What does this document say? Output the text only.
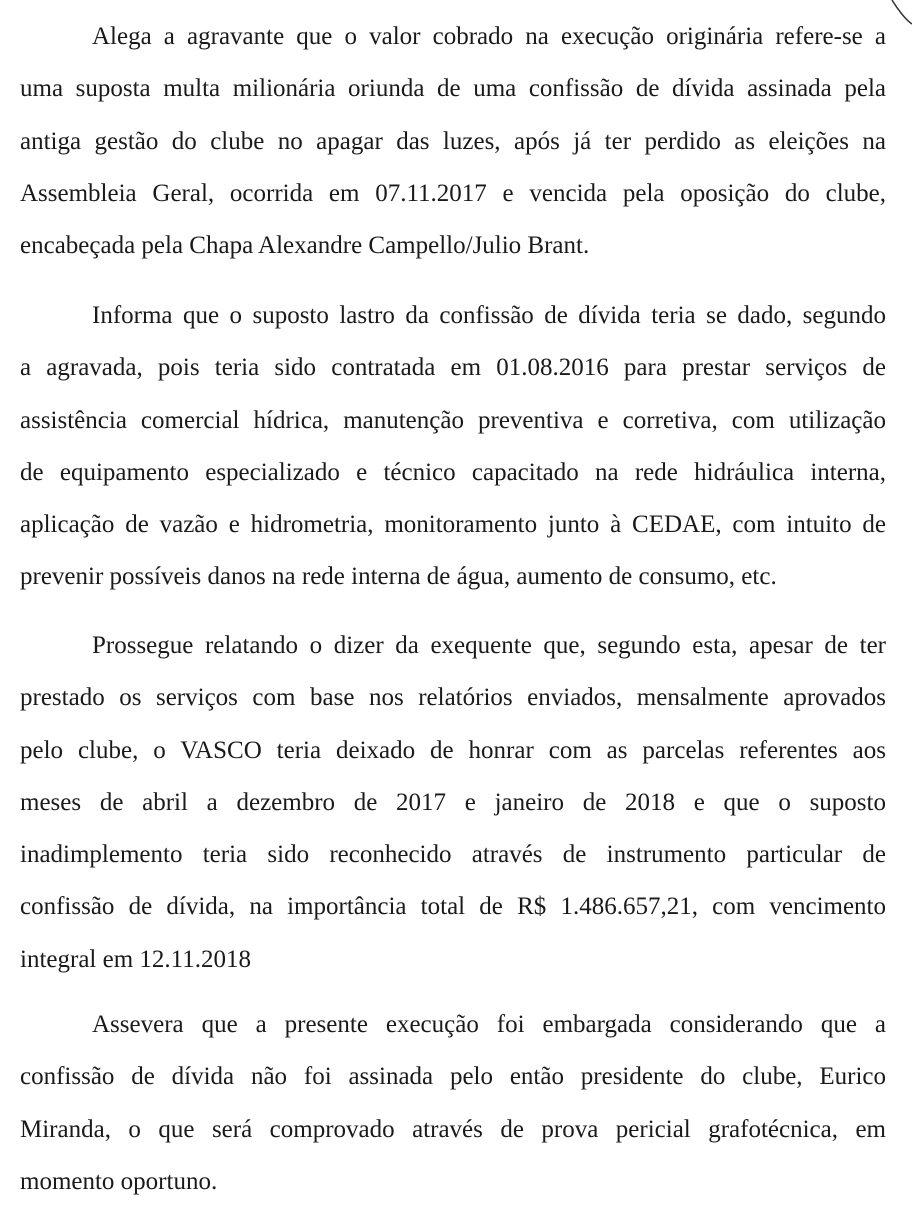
Alega a agravante que o valor cobrado na execução originária refere-se a
uma suposta multa milionária oriunda de uma confissão de dívida assinada pela
antiga gestão do clube no apagar das luzes, após já ter perdido as eleições na
Assembleia Geral, ocorrida em 07.11.2017 e vencida pela oposição do clube,
encabeçada pela Chapa Alexandre Campello/Julio Brant.
Informa que o suposto lastro da confissão de dívida teria se dado, segundo
a agravada, pois teria sido contratada em 01.08.2016 para prestar serviços de
assistência comercial hídrica, manutenção preventiva e corretiva, com utilização
de equipamento especializado e técnico capacitado na rede hidráulica interna,
aplicação de vazão e hidrometria, monitoramento junto à CEDAE, com intuito de
prevenir possíveis danos na rede interna de água, aumento de consumo, etc.
Prossegue relatando o dizer da exequente que, segundo esta, apesar de ter
prestado os serviços com base nos relatórios enviados, mensalmente aprovados
pelo clube, o VASCO teria deixado de honrar com as parcelas referentes aos
meses de abril a dezembro de 2017 e janeiro de 2018 e que o suposto
inadimplemento teria sido reconhecido através de instrumento particular de
confissão de dívida, na importância total de R$ 1.486.657,21, com vencimento
integral em 12.11.2018
Assevera que a presente execução foi embargada considerando que a
confissão de dívida não foi assinada pelo então presidente do clube, Eurico
Miranda, o que será comprovado através de prova pericial grafotécnica, em
momento oportuno.
